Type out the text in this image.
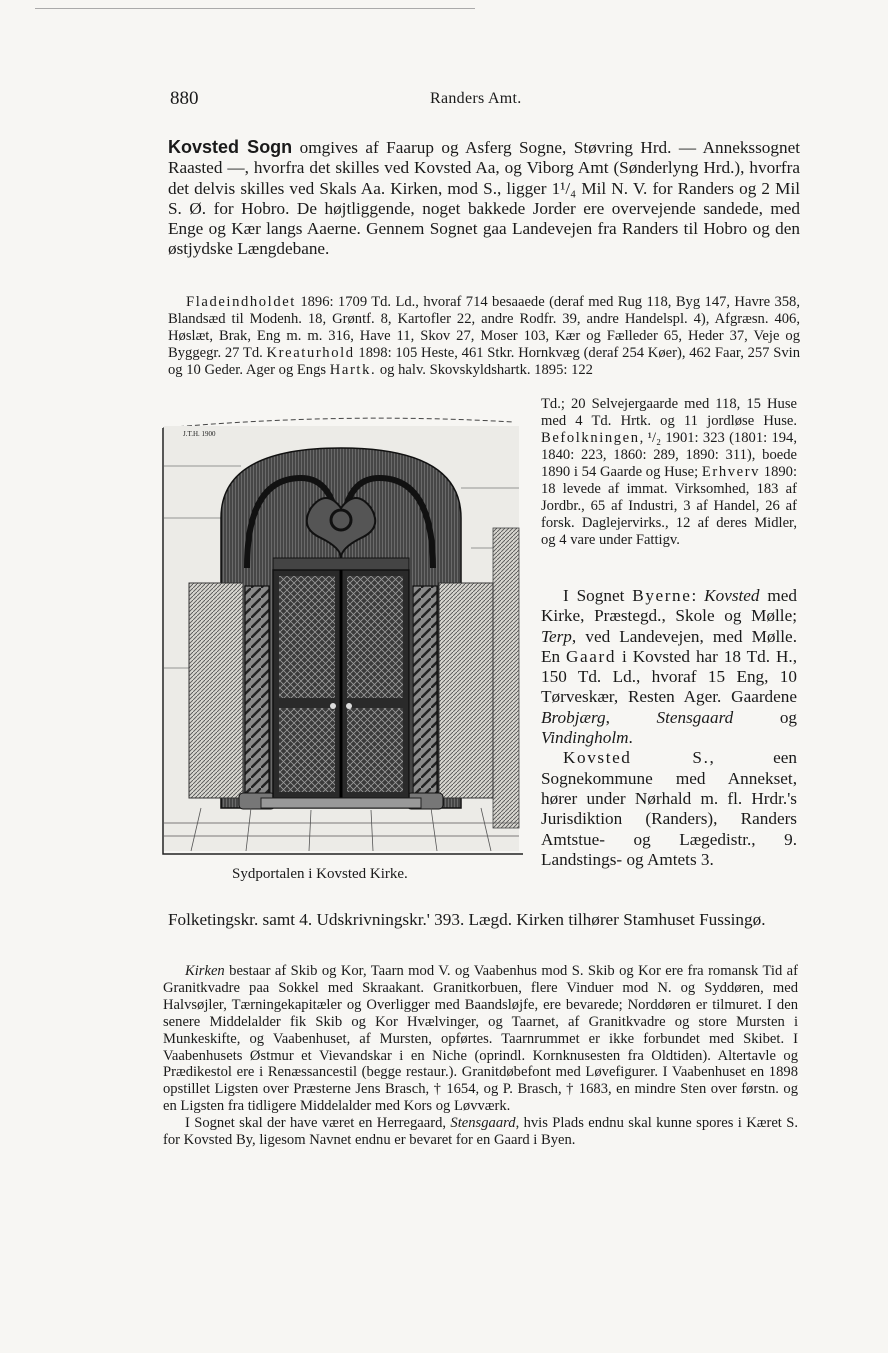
880	Randers Amt.
Kovsted Sogn omgives af Faarup og Asferg Sogne, Støvring Hrd. — Annekssognet Raasted —, hvorfra det skilles ved Kovsted Aa, og Viborg Amt (Sønderlyng Hrd.), hvorfra det delvis skilles ved Skals Aa. Kirken, mod S., ligger 1¹/₄ Mil N. V. for Randers og 2 Mil S. Ø. for Hobro. De højtliggende, noget bakkede Jorder ere overvejende sandede, med Enge og Kær langs Aaerne. Gennem Sognet gaa Landevejen fra Randers til Hobro og den østjydske Længdebane.
Fladeindholdet 1896: 1709 Td. Ld., hvoraf 714 besaaede (deraf med Rug 118, Byg 147, Havre 358, Blandsæd til Modenh. 18, Grøntf. 8, Kartofler 22, andre Rodfr. 39, andre Handelspl. 4), Afgræsn. 406, Høslæt, Brak, Eng m. m. 316, Have 11, Skov 27, Moser 103, Kær og Fælleder 65, Heder 37, Veje og Byggegr. 27 Td. Kreaturhold 1898: 105 Heste, 461 Stkr. Hornkvæg (deraf 254 Køer), 462 Faar, 257 Svin og 10 Geder. Ager og Engs Hartk. og halv. Skovskyldshartk. 1895: 122
J.T.H. 1900
Sydportalen i Kovsted Kirke.
Td.; 20 Selvejergaarde med 118, 15 Huse med 4 Td. Hrtk. og 11 jordløse Huse. Befolkningen, ¹/₂ 1901: 323 (1801: 194, 1840: 223, 1860: 289, 1890: 311), boede 1890 i 54 Gaarde og Huse; Erhverv 1890: 18 levede af immat. Virksomhed, 183 af Jordbr., 65 af Industri, 3 af Handel, 26 af forsk. Daglejervirks., 12 af deres Midler, og 4 vare under Fattigv.
I Sognet Byerne: Kovsted med Kirke, Præstegd., Skole og Mølle; Terp, ved Landevejen, med Mølle. En Gaard i Kovsted har 18 Td. H., 150 Td. Ld., hvoraf 15 Eng, 10 Tørveskær, Resten Ager. Gaardene Brobjærg, Stensgaard og Vindingholm.
Kovsted S., een Sognekommune med Annekset, hører under Nørhald m. fl. Hrdr.'s Jurisdiktion (Randers), Randers Amtstue- og Lægedistr., 9. Landstings- og Amtets 3.
Folketingskr. samt 4. Udskrivningskr.' 393. Lægd. Kirken tilhører Stamhuset Fussingø.

Kirken bestaar af Skib og Kor, Taarn mod V. og Vaabenhus mod S. Skib og Kor ere fra romansk Tid af Granitkvadre paa Sokkel med Skraakant. Granitkorbuen, flere Vinduer mod N. og Syddøren, med Halvsøjler, Tærningekapitæler og Overligger med Baandsløjfe, ere bevarede; Norddøren er tilmuret. I den senere Middelalder fik Skib og Kor Hvælvinger, og Taarnet, af Granitkvadre og store Mursten i Munkeskifte, og Vaabenhuset, af Mursten, opførtes. Taarnrummet er ikke forbundet med Skibet. I Vaabenhusets Østmur et Vievandskar i en Niche (oprindl. Kornknusesten fra Oldtiden). Altertavle og Prædikestol ere i Renæssancestil (begge restaur.). Granitdøbefont med Løvefigurer. I Vaabenhuset en 1898 opstillet Ligsten over Præsterne Jens Brasch, † 1654, og P. Brasch, † 1683, en mindre Sten over førstn. og en Ligsten fra tidligere Middelalder med Kors og Løvværk.

I Sognet skal der have været en Herregaard, Stensgaard, hvis Plads endnu skal kunne spores i Kæret S. for Kovsted By, ligesom Navnet endnu er bevaret for en Gaard i Byen.
